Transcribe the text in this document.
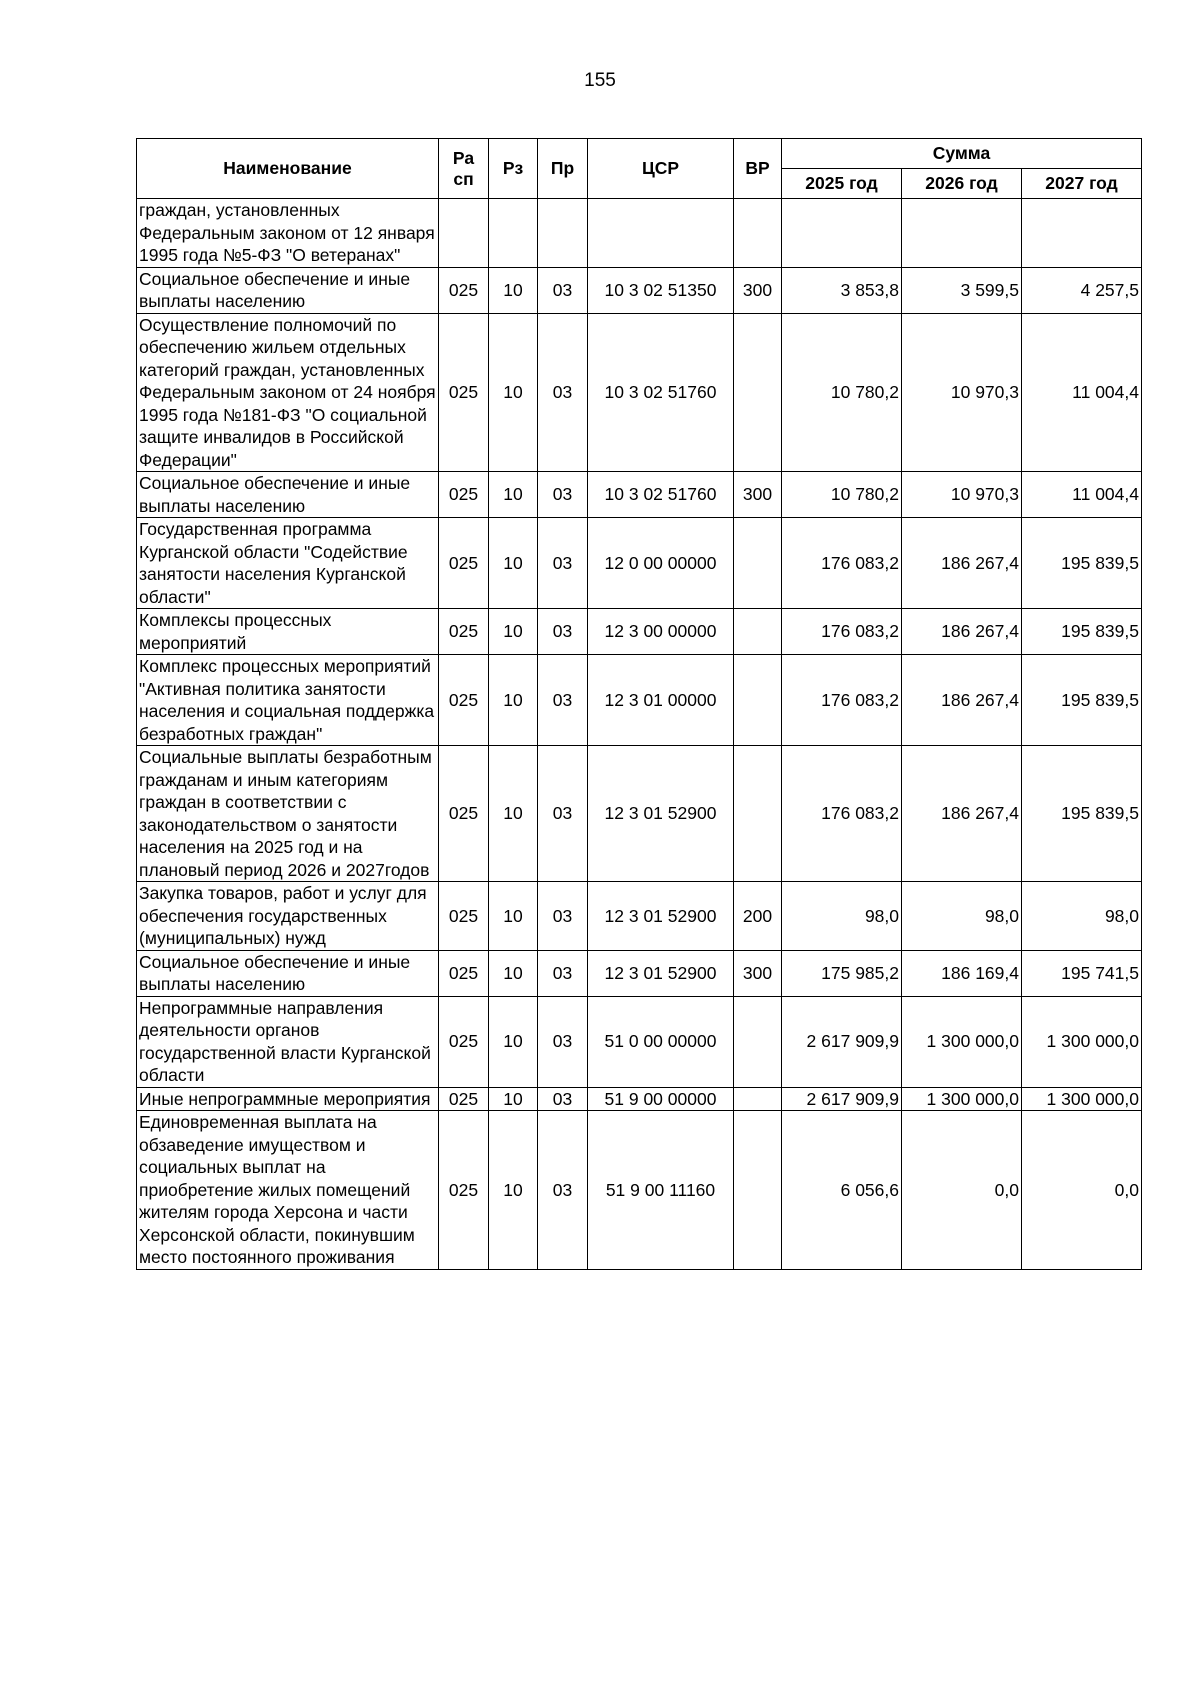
155
Наименование	Ра сп	Рз	Пр	ЦСР	ВР	Сумма		
						2025 год	2026 год	2027 год
граждан, установленных Федеральным законом от 12 января 1995 года №5-ФЗ "О ветеранах"								
Социальное обеспечение и иные выплаты населению	025	10	03	10 3 02 51350	300	3 853,8	3 599,5	4 257,5
Осуществление полномочий по обеспечению жильем отдельных категорий граждан, установленных Федеральным законом от 24 ноября 1995 года №181-ФЗ "О социальной защите инвалидов в Российской Федерации"	025	10	03	10 3 02 51760		10 780,2	10 970,3	11 004,4
Социальное обеспечение и иные выплаты населению	025	10	03	10 3 02 51760	300	10 780,2	10 970,3	11 004,4
Государственная программа Курганской области "Содействие занятости населения Курганской области"	025	10	03	12 0 00 00000		176 083,2	186 267,4	195 839,5
Комплексы процессных мероприятий	025	10	03	12 3 00 00000		176 083,2	186 267,4	195 839,5
Комплекс процессных мероприятий "Активная политика занятости населения и социальная поддержка безработных граждан"	025	10	03	12 3 01 00000		176 083,2	186 267,4	195 839,5
Социальные выплаты безработным гражданам и иным категориям граждан в соответствии с законодательством о занятости населения на 2025 год и на плановый период 2026 и 2027годов	025	10	03	12 3 01 52900		176 083,2	186 267,4	195 839,5
Закупка товаров, работ и услуг для обеспечения государственных (муниципальных) нужд	025	10	03	12 3 01 52900	200	98,0	98,0	98,0
Социальное обеспечение и иные выплаты населению	025	10	03	12 3 01 52900	300	175 985,2	186 169,4	195 741,5
Непрограммные направления деятельности органов государственной власти Курганской области	025	10	03	51 0 00 00000		2 617 909,9	1 300 000,0	1 300 000,0
Иные непрограммные мероприятия	025	10	03	51 9 00 00000		2 617 909,9	1 300 000,0	1 300 000,0
Единовременная выплата на обзаведение имуществом и социальных выплат на приобретение жилых помещений жителям города Херсона и части Херсонской области, покинувшим место постоянного проживания	025	10	03	51 9 00 11160		6 056,6	0,0	0,0
